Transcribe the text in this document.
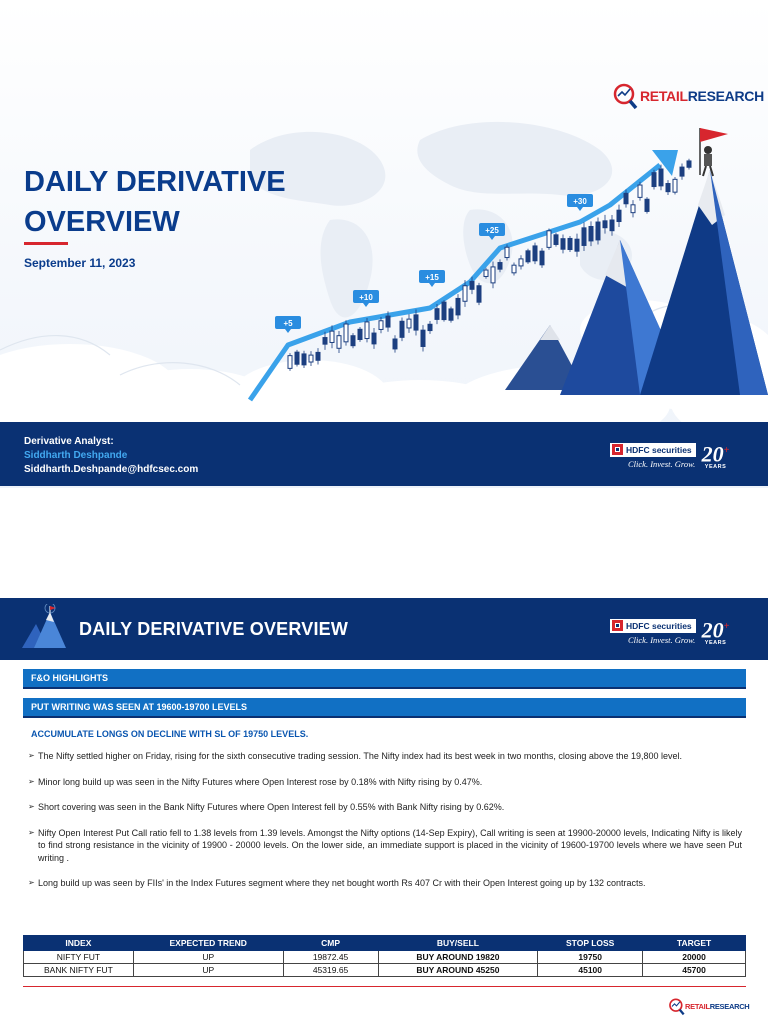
+5
+10
+15
+25
+30
RETAILRESEARCH
DAILY DERIVATIVE
OVERVIEW
September 11, 2023
Derivative Analyst:
Siddharth Deshpande
Siddharth.Deshpande@hdfcsec.com
HDFC securities
Click. Invest. Grow. 20+
YEARS
DAILY DERIVATIVE OVERVIEW	HDFC securities
Click. Invest. Grow. 20+
YEARS
F&O HIGHLIGHTS
PUT WRITING WAS SEEN AT 19600-19700 LEVELS
ACCUMULATE LONGS ON DECLINE WITH SL OF 19750 LEVELS.
➢ The Nifty settled higher on Friday, rising for the sixth consecutive trading session. The Nifty index had its best week in two months, closing above the 19,800 level.
➢ Minor long build up was seen in the Nifty Futures where Open Interest rose by 0.18% with Nifty rising by 0.47%.
➢ Short covering was seen in the Bank Nifty Futures where Open Interest fell by 0.55% with Bank Nifty rising by 0.62%.
➢ Nifty Open Interest Put Call ratio fell to 1.38 levels from 1.39 levels. Amongst the Nifty options (14-Sep Expiry), Call writing is seen at 19900-20000 levels, Indicating Nifty is likely to find strong resistance in the vicinity of 19900 - 20000 levels. On the lower side, an immediate support is placed in the vicinity of 19600-19700 levels where we have seen Put writing .
➢ Long build up was seen by FIIs' in the Index Futures segment where they net bought worth Rs 407 Cr with their Open Interest going up by 132 contracts.
INDEX	EXPECTED TREND	CMP	BUY/SELL	STOP LOSS	TARGET
NIFTY FUT	UP	19872.45	BUY AROUND 19820	19750	20000
BANK NIFTY FUT	UP	45319.65	BUY AROUND 45250	45100	45700
RETAILRESEARCH
